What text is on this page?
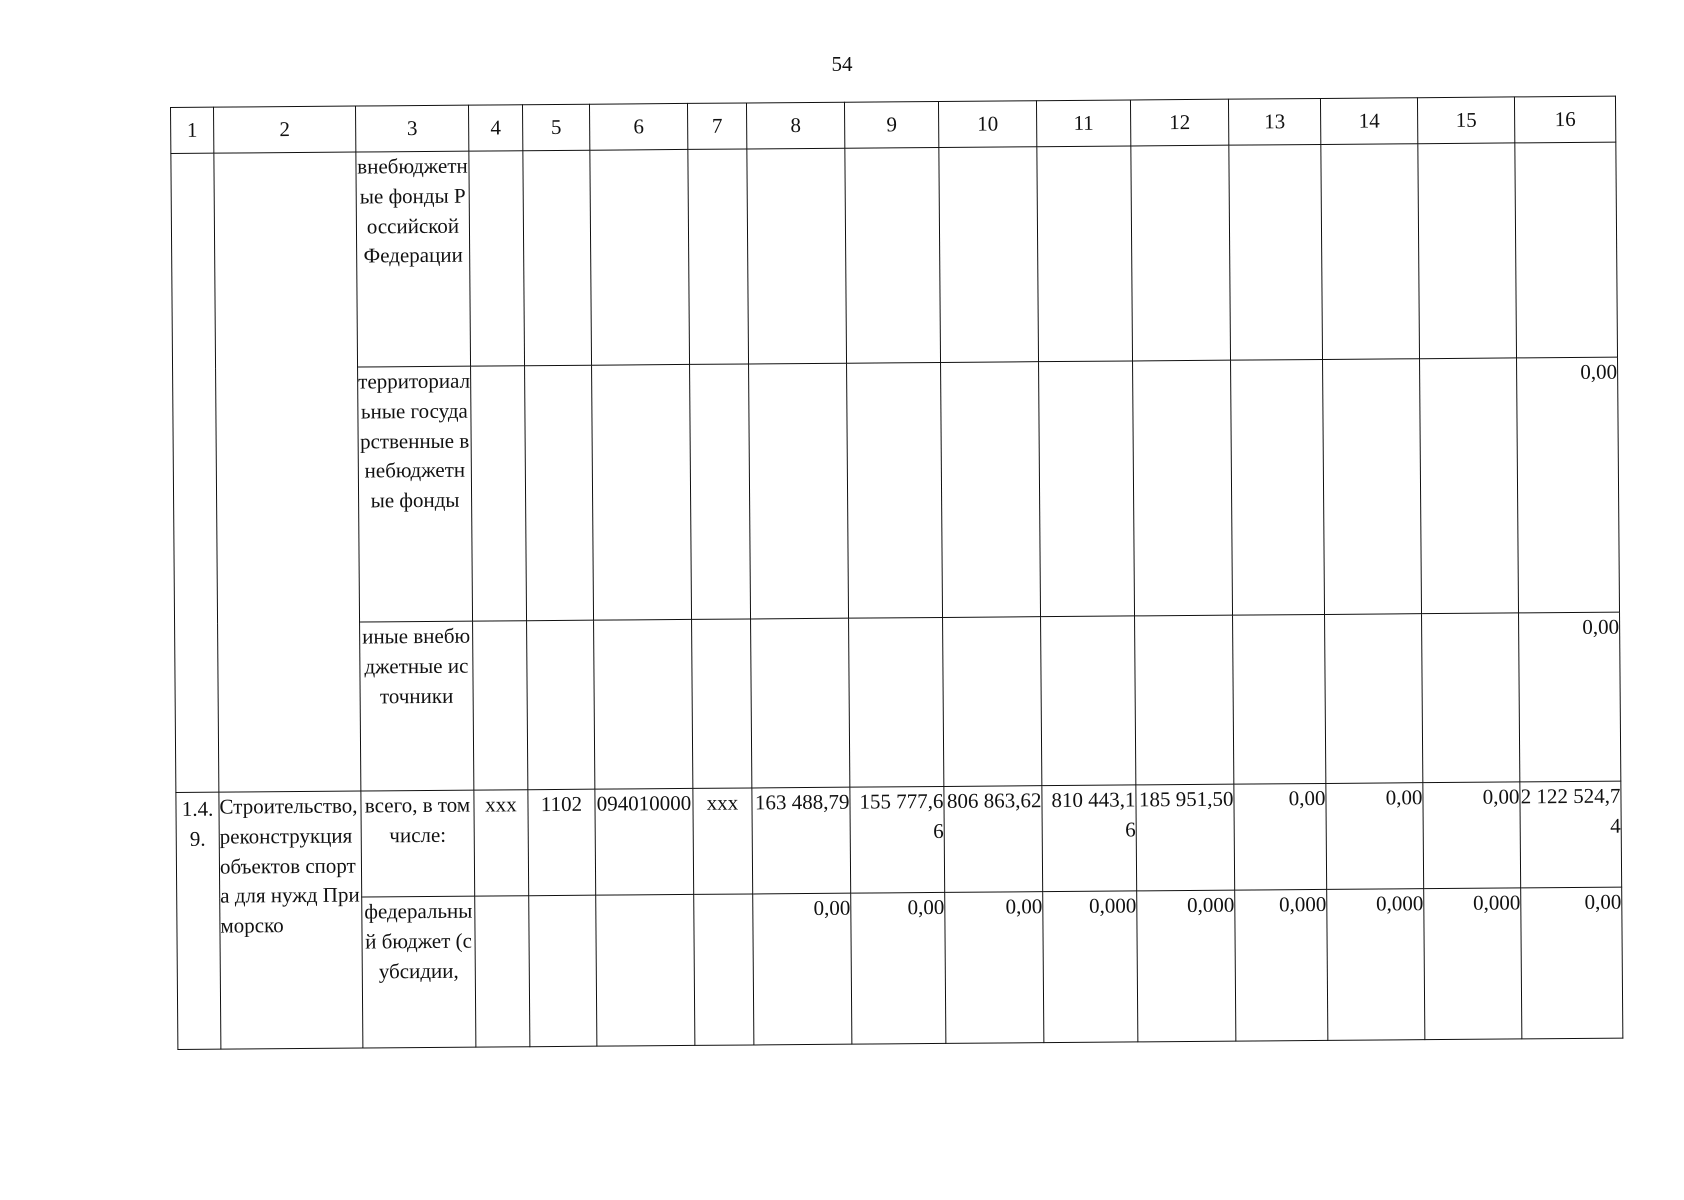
54
1	2	3	4	5	6	7	8	9	10	11	12	13	14	15	16
		внебюджетные фонды Российской Федерации													
		территориальные государственные внебюджетные фонды													0,00
		иные внебюджетные источники													0,00
1.4.9.	Строительство, реконструкция объектов спорта для нужд Приморско	всего, в том числе:	ххх	1102	094010000	ххх	163 488,79	155 777,66	806 863,62	810 443,16	185 951,50	0,00	0,00	0,00	2 122 524,74
		федеральный бюджет (субсидии,					0,00	0,00	0,00	0,000	0,000	0,000	0,000	0,000	0,00
